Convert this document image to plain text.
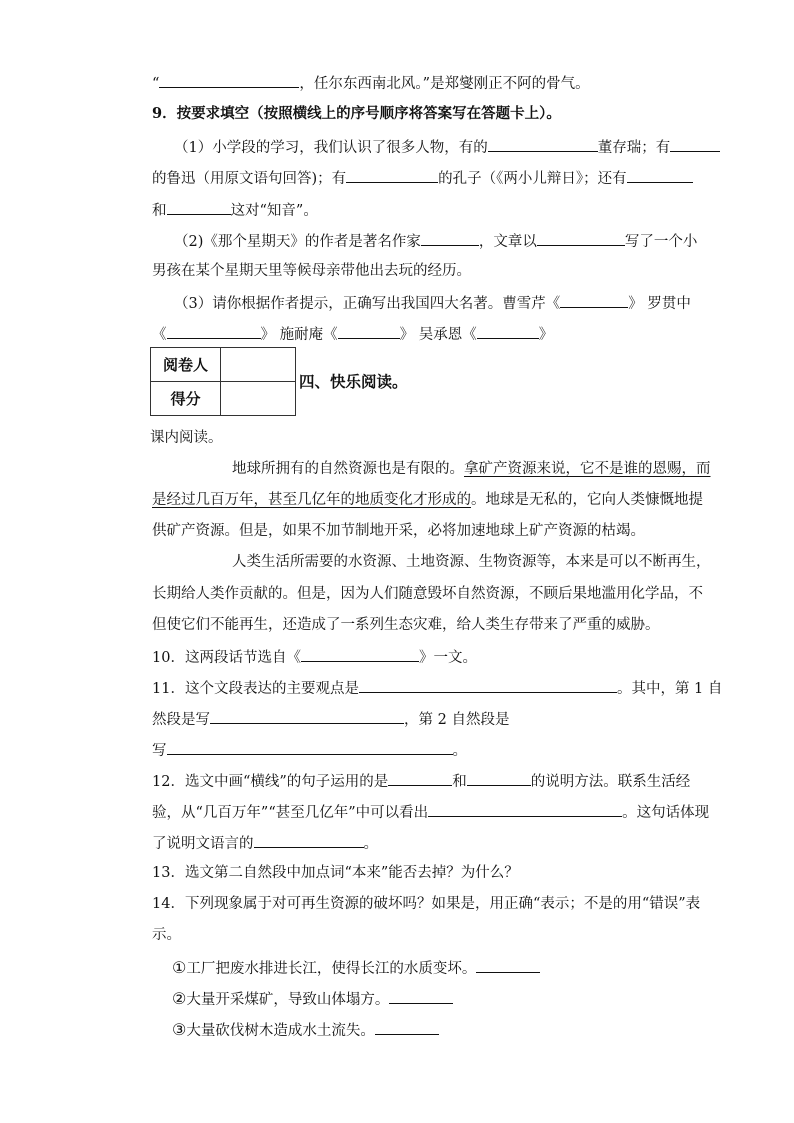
“	，任尔东西南北风。”是郑燮刚正不阿的骨气。
9．按要求填空（按照横线上的序号顺序将答案写在答题卡上）。
（1）小学段的学习，我们认识了很多人物，有的	董存瑞；有
的鲁迅（用原文语句回答)；有	的孔子（《两小儿辩日》；还有
和	这对“知音”。
（2)《那个星期天》的作者是著名作家	，文章以	写了一个小
男孩在某个星期天里等候母亲带他出去玩的经历。
（3）请你根据作者提示，正确写出我国四大名著。曹雪芹《	》 罗贯中
《	》 施耐庵《	》 吴承恩《	》
阅卷人	
得分	
四、快乐阅读。
课内阅读。
地球所拥有的自然资源也是有限的。拿矿产资源来说，它不是谁的恩赐，而
是经过几百万年，甚至几亿年的地质变化才形成的。地球是无私的，它向人类慷慨地提
供矿产资源。但是，如果不加节制地开采，必将加速地球上矿产资源的枯竭。
人类生活所需要的水资源、土地资源、生物资源等，本来是可以不断再生，
长期给人类作贡献的。但是，因为人们随意毁坏自然资源，不顾后果地滥用化学品，不
但使它们不能再生，还造成了一系列生态灾难，给人类生存带来了严重的威胁。
10．这两段话节选自《	》一文。
11．这个文段表达的主要观点是	。其中，第 1 自
然段是写	，第 2 自然段是
写	。
12．选文中画“横线”的句子运用的是	和	的说明方法。联系生活经
验，从“几百万年”“甚至几亿年”中可以看出	。这句话体现
了说明文语言的	。
13．选文第二自然段中加点词“本来”能否去掉？为什么？
14．下列现象属于对可再生资源的破坏吗？如果是，用正确“表示；不是的用“错误”表
示。
①工厂把废水排进长江，使得长江的水质变坏。
②大量开采煤矿，导致山体塌方。
③大量砍伐树木造成水土流失。
